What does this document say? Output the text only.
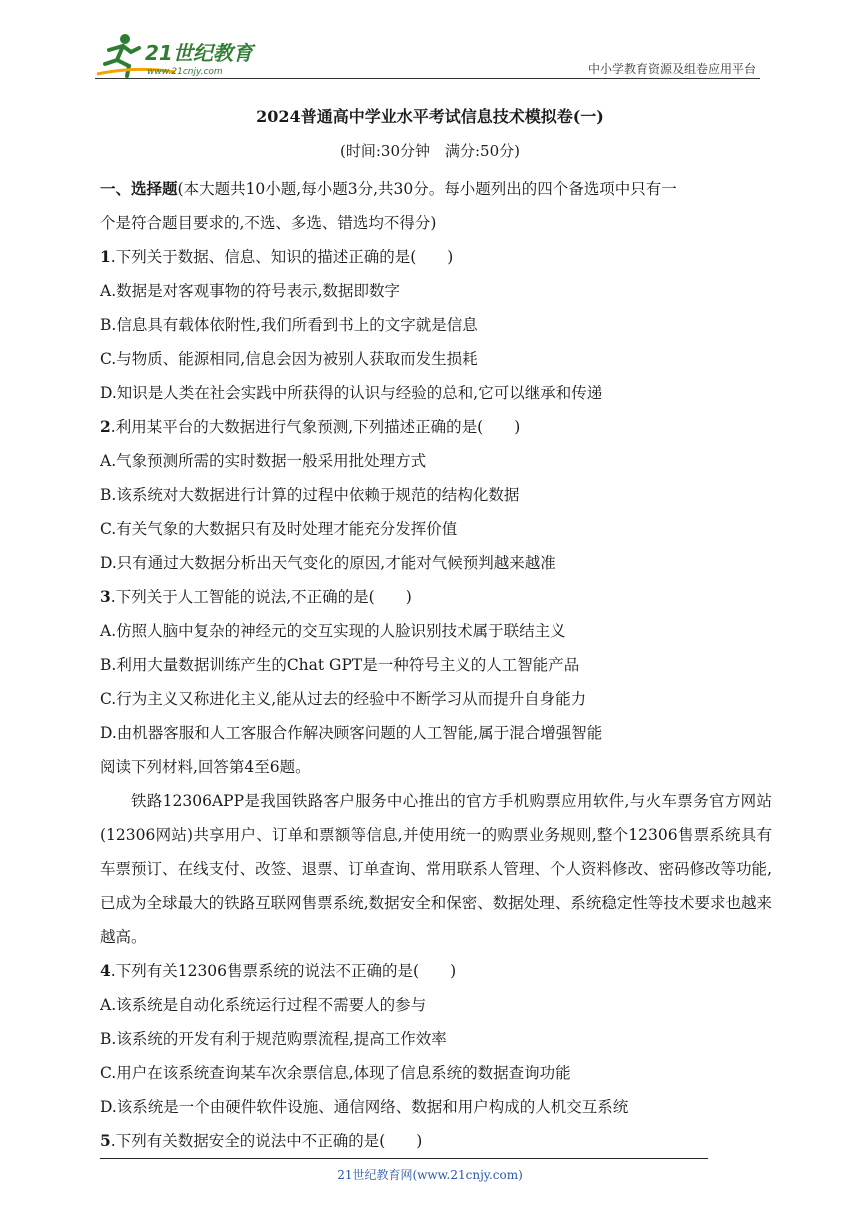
21世纪教育
www.21cnjy.com	中小学教育资源及组卷应用平台
2024普通高中学业水平考试信息技术模拟卷(一)
(时间:30分钟　满分:50分)
一、选择题(本大题共10小题,每小题3分,共30分。每小题列出的四个备选项中只有一
个是符合题目要求的,不选、多选、错选均不得分)
1.下列关于数据、信息、知识的描述正确的是(　　)
A.数据是对客观事物的符号表示,数据即数字
B.信息具有载体依附性,我们所看到书上的文字就是信息
C.与物质、能源相同,信息会因为被别人获取而发生损耗
D.知识是人类在社会实践中所获得的认识与经验的总和,它可以继承和传递
2.利用某平台的大数据进行气象预测,下列描述正确的是(　　)
A.气象预测所需的实时数据一般采用批处理方式
B.该系统对大数据进行计算的过程中依赖于规范的结构化数据
C.有关气象的大数据只有及时处理才能充分发挥价值
D.只有通过大数据分析出天气变化的原因,才能对气候预判越来越准
3.下列关于人工智能的说法,不正确的是(　　)
A.仿照人脑中复杂的神经元的交互实现的人脸识别技术属于联结主义
B.利用大量数据训练产生的Chat GPT是一种符号主义的人工智能产品
C.行为主义又称进化主义,能从过去的经验中不断学习从而提升自身能力
D.由机器客服和人工客服合作解决顾客问题的人工智能,属于混合增强智能
阅读下列材料,回答第4至6题。
铁路12306APP是我国铁路客户服务中心推出的官方手机购票应用软件,与火车票务官方网站(12306网站)共享用户、订单和票额等信息,并使用统一的购票业务规则,整个12306售票系统具有车票预订、在线支付、改签、退票、订单查询、常用联系人管理、个人资料修改、密码修改等功能,已成为全球最大的铁路互联网售票系统,数据安全和保密、数据处理、系统稳定性等技术要求也越来越高。
4.下列有关12306售票系统的说法不正确的是(　　)
A.该系统是自动化系统运行过程不需要人的参与
B.该系统的开发有利于规范购票流程,提高工作效率
C.用户在该系统查询某车次余票信息,体现了信息系统的数据查询功能
D.该系统是一个由硬件软件设施、通信网络、数据和用户构成的人机交互系统
5.下列有关数据安全的说法中不正确的是(　　)
21世纪教育网(www.21cnjy.com)
